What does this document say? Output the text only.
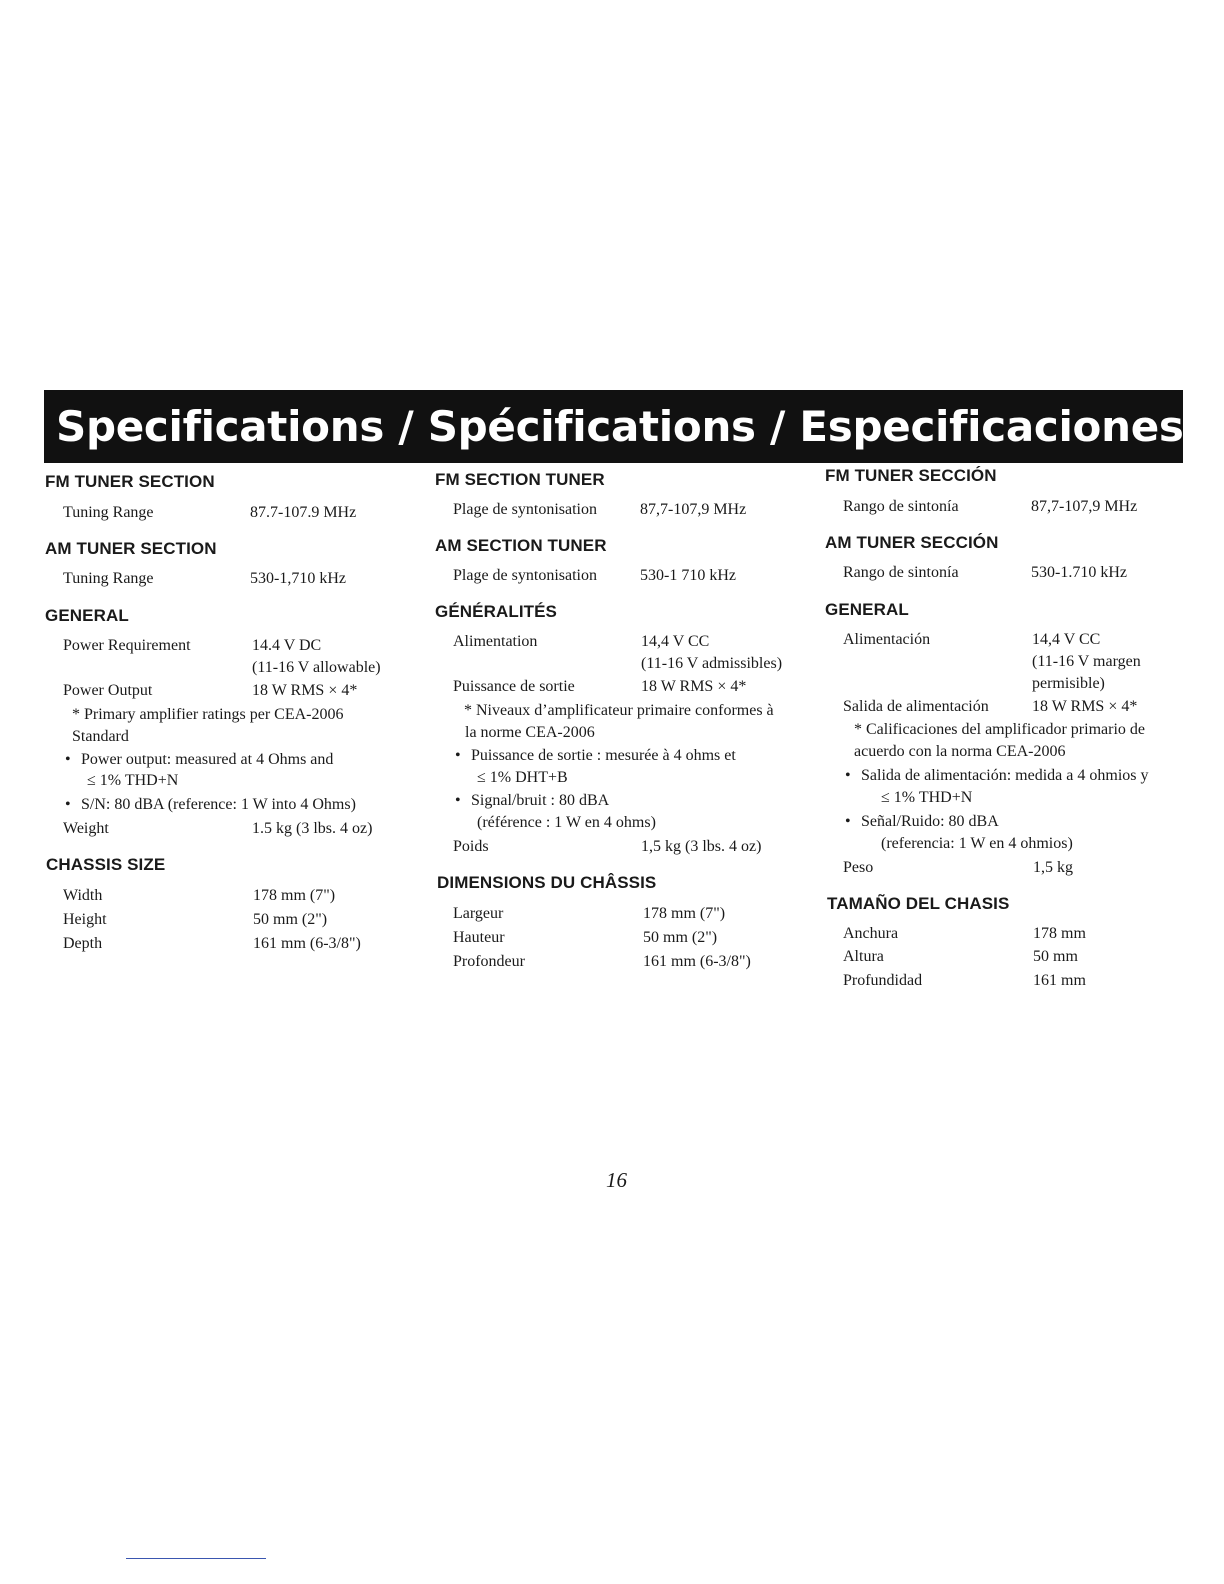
Specifications / Spécifications / Especificaciones
FM TUNER SECTION
Tuning Range	87.7-107.9 MHz
AM TUNER SECTION
Tuning Range	530-1,710 kHz
GENERAL
Power Requirement	14.4 V DC
(11-16 V allowable)
Power Output	18 W RMS × 4*
* Primary amplifier ratings per CEA-2006
Standard
• Power output: measured at 4 Ohms and
≤ 1% THD+N
• S/N: 80 dBA (reference: 1 W into 4 Ohms)
Weight	1.5 kg (3 lbs. 4 oz)
CHASSIS SIZE
Width	178 mm (7")
Height	50 mm (2")
Depth	161 mm (6-3/8")
FM SECTION TUNER
Plage de syntonisation	87,7-107,9 MHz
AM SECTION TUNER
Plage de syntonisation	530-1 710 kHz
GÉNÉRALITÉS
Alimentation	14,4 V CC
(11-16 V admissibles)
Puissance de sortie	18 W RMS × 4*
* Niveaux d’amplificateur primaire conformes à
la norme CEA-2006
• Puissance de sortie : mesurée à 4 ohms et
≤ 1% DHT+B
• Signal/bruit : 80 dBA
(référence : 1 W en 4 ohms)
Poids	1,5 kg (3 lbs. 4 oz)
DIMENSIONS DU CHÂSSIS
Largeur	178 mm (7")
Hauteur	50 mm (2")
Profondeur	161 mm (6-3/8")
FM TUNER SECCIÓN
Rango de sintonía	87,7-107,9 MHz
AM TUNER SECCIÓN
Rango de sintonía	530-1.710 kHz
GENERAL
Alimentación	14,4 V CC
(11-16 V margen
permisible)
Salida de alimentación	18 W RMS × 4*
* Calificaciones del amplificador primario de
acuerdo con la norma CEA-2006
• Salida de alimentación: medida a 4 ohmios y
≤ 1% THD+N
• Señal/Ruido: 80 dBA
(referencia: 1 W en 4 ohmios)
Peso	1,5 kg
TAMAÑO DEL CHASIS
Anchura	178 mm
Altura	50 mm
Profundidad	161 mm
16
